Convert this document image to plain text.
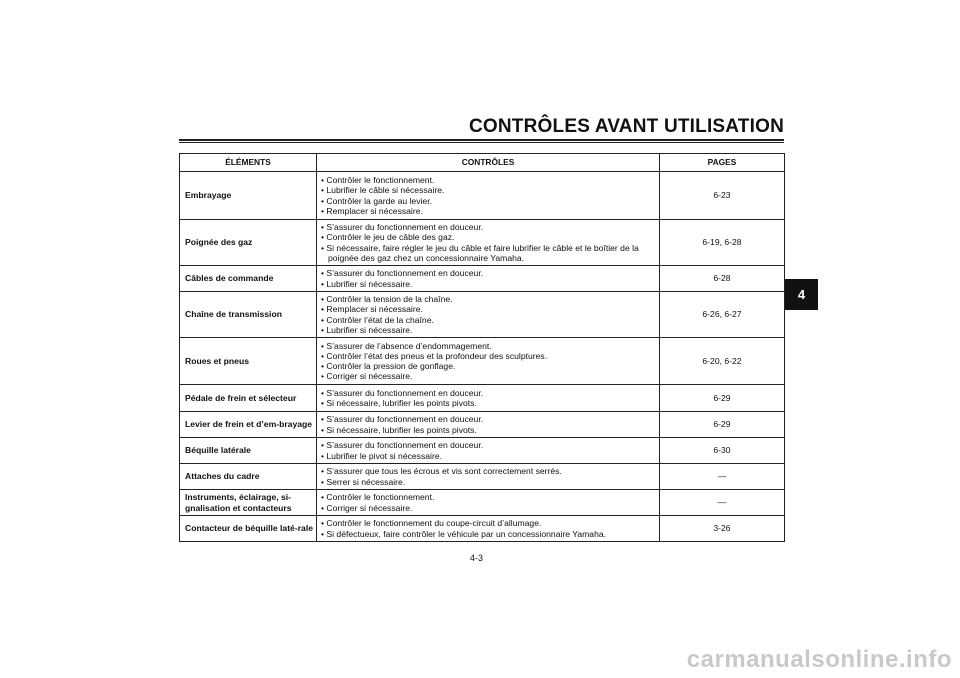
CONTRÔLES AVANT UTILISATION
ÉLÉMENTS	CONTRÔLES	PAGES
Embrayage	• Contrôler le fonctionnement.
• Lubrifier le câble si nécessaire.
• Contrôler la garde au levier.
• Remplacer si nécessaire.	6-23
Poignée des gaz	• S’assurer du fonctionnement en douceur.
• Contrôler le jeu de câble des gaz.
• Si nécessaire, faire régler le jeu du câble et faire lubrifier le câble et le boîtier de la poignée des gaz chez un concessionnaire Yamaha.	6-19, 6-28
Câbles de commande	• S’assurer du fonctionnement en douceur.
• Lubrifier si nécessaire.	6-28
Chaîne de transmission	• Contrôler la tension de la chaîne.
• Remplacer si nécessaire.
• Contrôler l’état de la chaîne.
• Lubrifier si nécessaire.	6-26, 6-27
Roues et pneus	• S’assurer de l’absence d’endommagement.
• Contrôler l’état des pneus et la profondeur des sculptures.
• Contrôler la pression de gonflage.
• Corriger si nécessaire.	6-20, 6-22
Pédale de frein et sélecteur	• S’assurer du fonctionnement en douceur.
• Si nécessaire, lubrifier les points pivots.	6-29
Levier de frein et d’em-brayage	• S’assurer du fonctionnement en douceur.
• Si nécessaire, lubrifier les points pivots.	6-29
Béquille latérale	• S’assurer du fonctionnement en douceur.
• Lubrifier le pivot si nécessaire.	6-30
Attaches du cadre	• S’assurer que tous les écrous et vis sont correctement serrés.
• Serrer si nécessaire.	—
Instruments, éclairage, si-gnalisation et contacteurs	• Contrôler le fonctionnement.
• Corriger si nécessaire.	—
Contacteur de béquille laté-rale	• Contrôler le fonctionnement du coupe-circuit d’allumage.
• Si défectueux, faire contrôler le véhicule par un concessionnaire Yamaha.	3-26
4
4-3
carmanualsonline.info
